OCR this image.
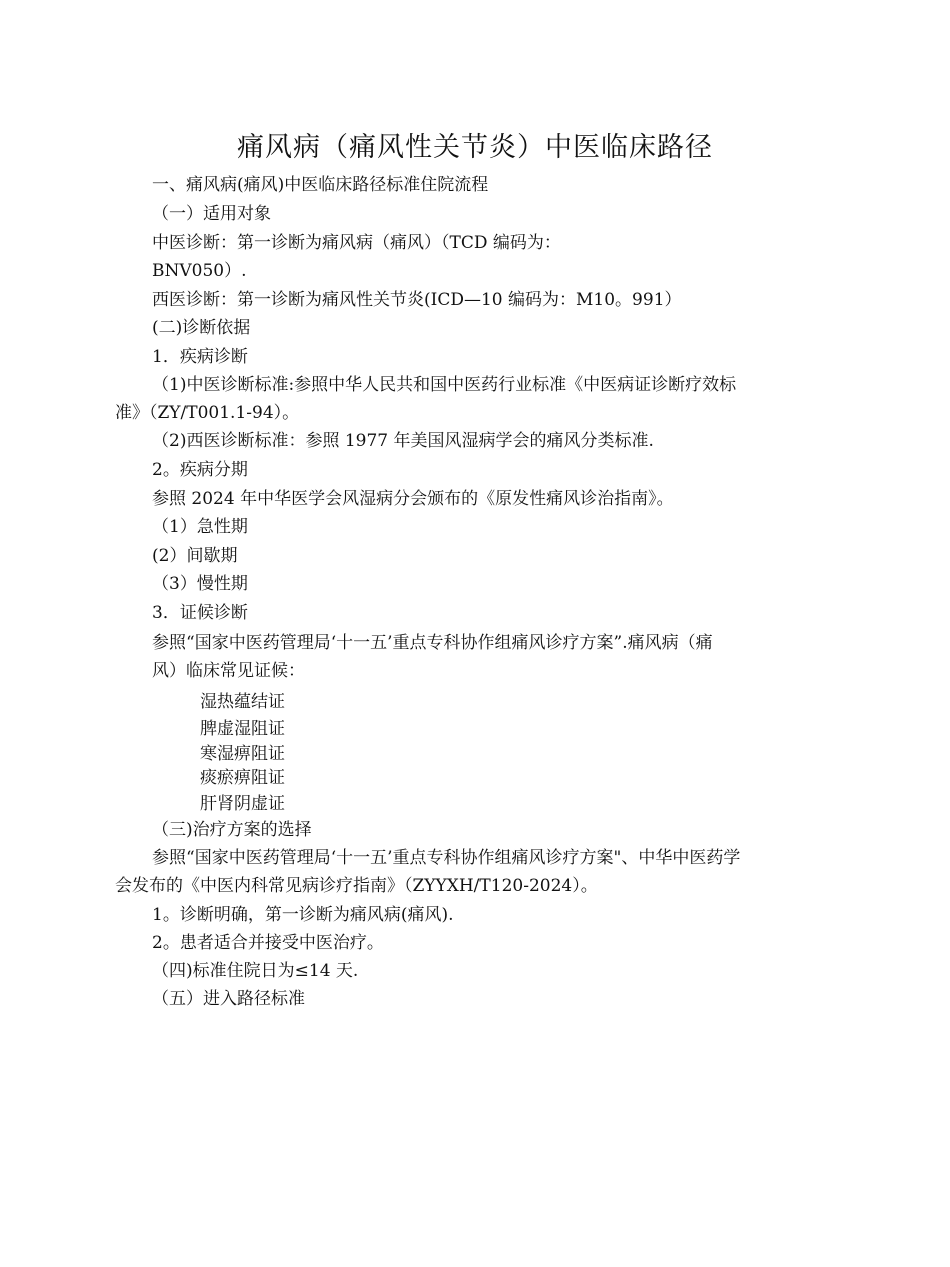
痛风病（痛风性关节炎）中医临床路径
一、痛风病(痛风)中医临床路径标准住院流程
（一）适用对象
中医诊断：第一诊断为痛风病（痛风）（TCD 编码为：
BNV050）.
西医诊断：第一诊断为痛风性关节炎(ICD—10 编码为：M10。991）
(二)诊断依据
1．疾病诊断
（1)中医诊断标准:参照中华人民共和国中医药行业标准《中医病证诊断疗效标
准》（ZY/T001.1-94）。
（2)西医诊断标准：参照 1977 年美国风湿病学会的痛风分类标准.
2。疾病分期
参照 2024 年中华医学会风湿病分会颁布的《原发性痛风诊治指南》。
（1）急性期
(2）间歇期
（3）慢性期
3．证候诊断
参照“国家中医药管理局‘十一五’重点专科协作组痛风诊疗方案”.痛风病（痛
风）临床常见证候：
湿热蕴结证
脾虚湿阻证
寒湿痹阻证
痰瘀痹阻证
肝肾阴虚证
（三)治疗方案的选择
参照“国家中医药管理局‘十一五’重点专科协作组痛风诊疗方案"、中华中医药学
会发布的《中医内科常见病诊疗指南》（ZYYXH/T120-2024）。
1。诊断明确，第一诊断为痛风病(痛风).
2。患者适合并接受中医治疗。
（四)标准住院日为≤14 天.
（五）进入路径标准
